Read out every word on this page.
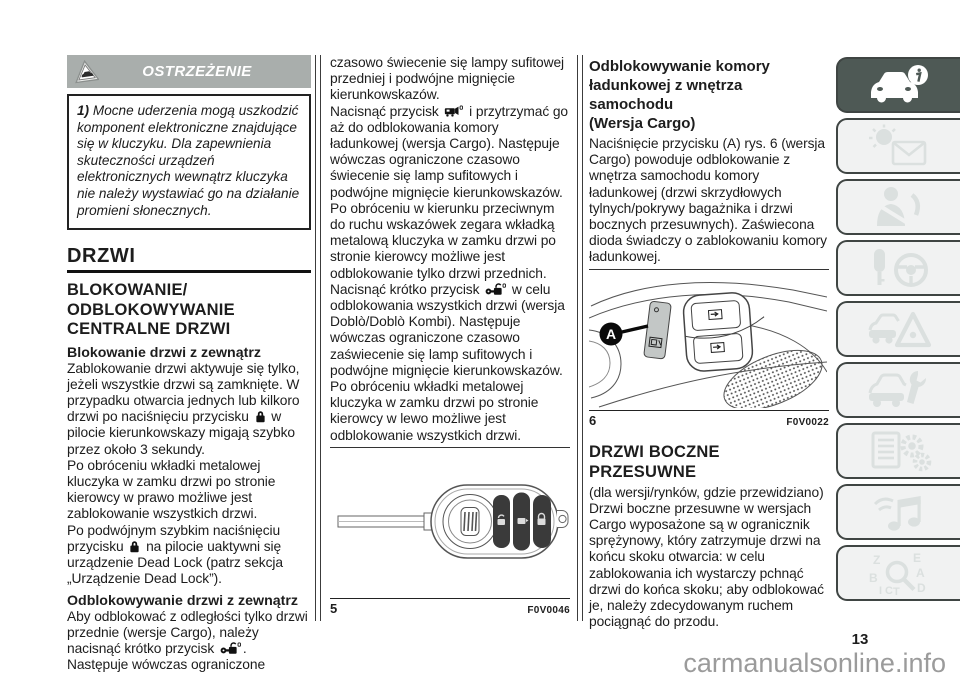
OSTRZEŻENIE
1) Mocne uderzenia mogą uszkodzić komponent elektroniczne znajdujące się w kluczyku. Dla zapewnienia skuteczności urządzeń elektronicznych wewnątrz kluczyka nie należy wystawiać go na działanie promieni słonecznych.
DRZWI
BLOKOWANIE/
ODBLOKOWYWANIE
CENTRALNE DRZWI
Blokowanie drzwi z zewnątrz

Zablokowanie drzwi aktywuje się tylko, jeżeli wszystkie drzwi są zamknięte. W przypadku otwarcia jednych lub kilkoro drzwi po naciśnięciu przycisku  w pilocie kierunkowskazy migają szybko przez około 3 sekundy.

Po obróceniu wkładki metalowej kluczyka w zamku drzwi po stronie kierowcy w prawo możliwe jest zablokowanie wszystkich drzwi.

Po podwójnym szybkim naciśnięciu przycisku  na pilocie uaktywni się urządzenie Dead Lock (patrz sekcja „Urządzenie Dead Lock”).

Odblokowywanie drzwi z zewnątrz

Aby odblokować z odległości tylko drzwi przednie (wersje Cargo), należy nacisnąć krótko przycisk . Następuje wówczas ograniczone

czasowo świecenie się lampy sufitowej przedniej i podwójne mignięcie kierunkowskazów.

Nacisnąć przycisk  i przytrzymać go aż do odblokowania komory ładunkowej (wersja Cargo). Następuje wówczas ograniczone czasowo świecenie się lamp sufitowych i podwójne mignięcie kierunkowskazów.

Po obróceniu w kierunku przeciwnym do ruchu wskazówek zegara wkładką metalową kluczyka w zamku drzwi po stronie kierowcy możliwe jest odblokowanie tylko drzwi przednich.

Nacisnąć krótko przycisk  w celu odblokowania wszystkich drzwi (wersja Doblò/Doblò Kombi). Następuje wówczas ograniczone czasowo zaświecenie się lamp sufitowych i podwójne mignięcie kierunkowskazów.

Po obróceniu wkładki metalowej kluczyka w zamku drzwi po stronie kierowcy w lewo możliwe jest odblokowanie wszystkich drzwi.

5	F0V0046
Odblokowywanie komory
ładunkowej z wnętrza samochodu
(Wersja Cargo)

Naciśnięcie przycisku (A) rys. 6 (wersja Cargo) powoduje odblokowanie z wnętrza samochodu komory ładunkowej (drzwi skrzydłowych tylnych/pokrywy bagażnika i drzwi bocznych przesuwnych). Zaświecona dioda świadczy o zablokowaniu komory ładunkowej.

A
6	F0V0022
DRZWI BOCZNE
PRZESUWNE

(dla wersji/rynków, gdzie przewidziano)

Drzwi boczne przesuwne w wersjach Cargo wyposażone są w ogranicznik sprężynowy, który zatrzymuje drzwi na końcu skoku otwarcia: w celu zablokowania ich wystarczy pchnąć drzwi do końca skoku; aby odblokować je, należy zdecydowanym ruchem pociągnąć do przodu.

Z	E
B	A
D
I C T
13
carmanualsonline.info
